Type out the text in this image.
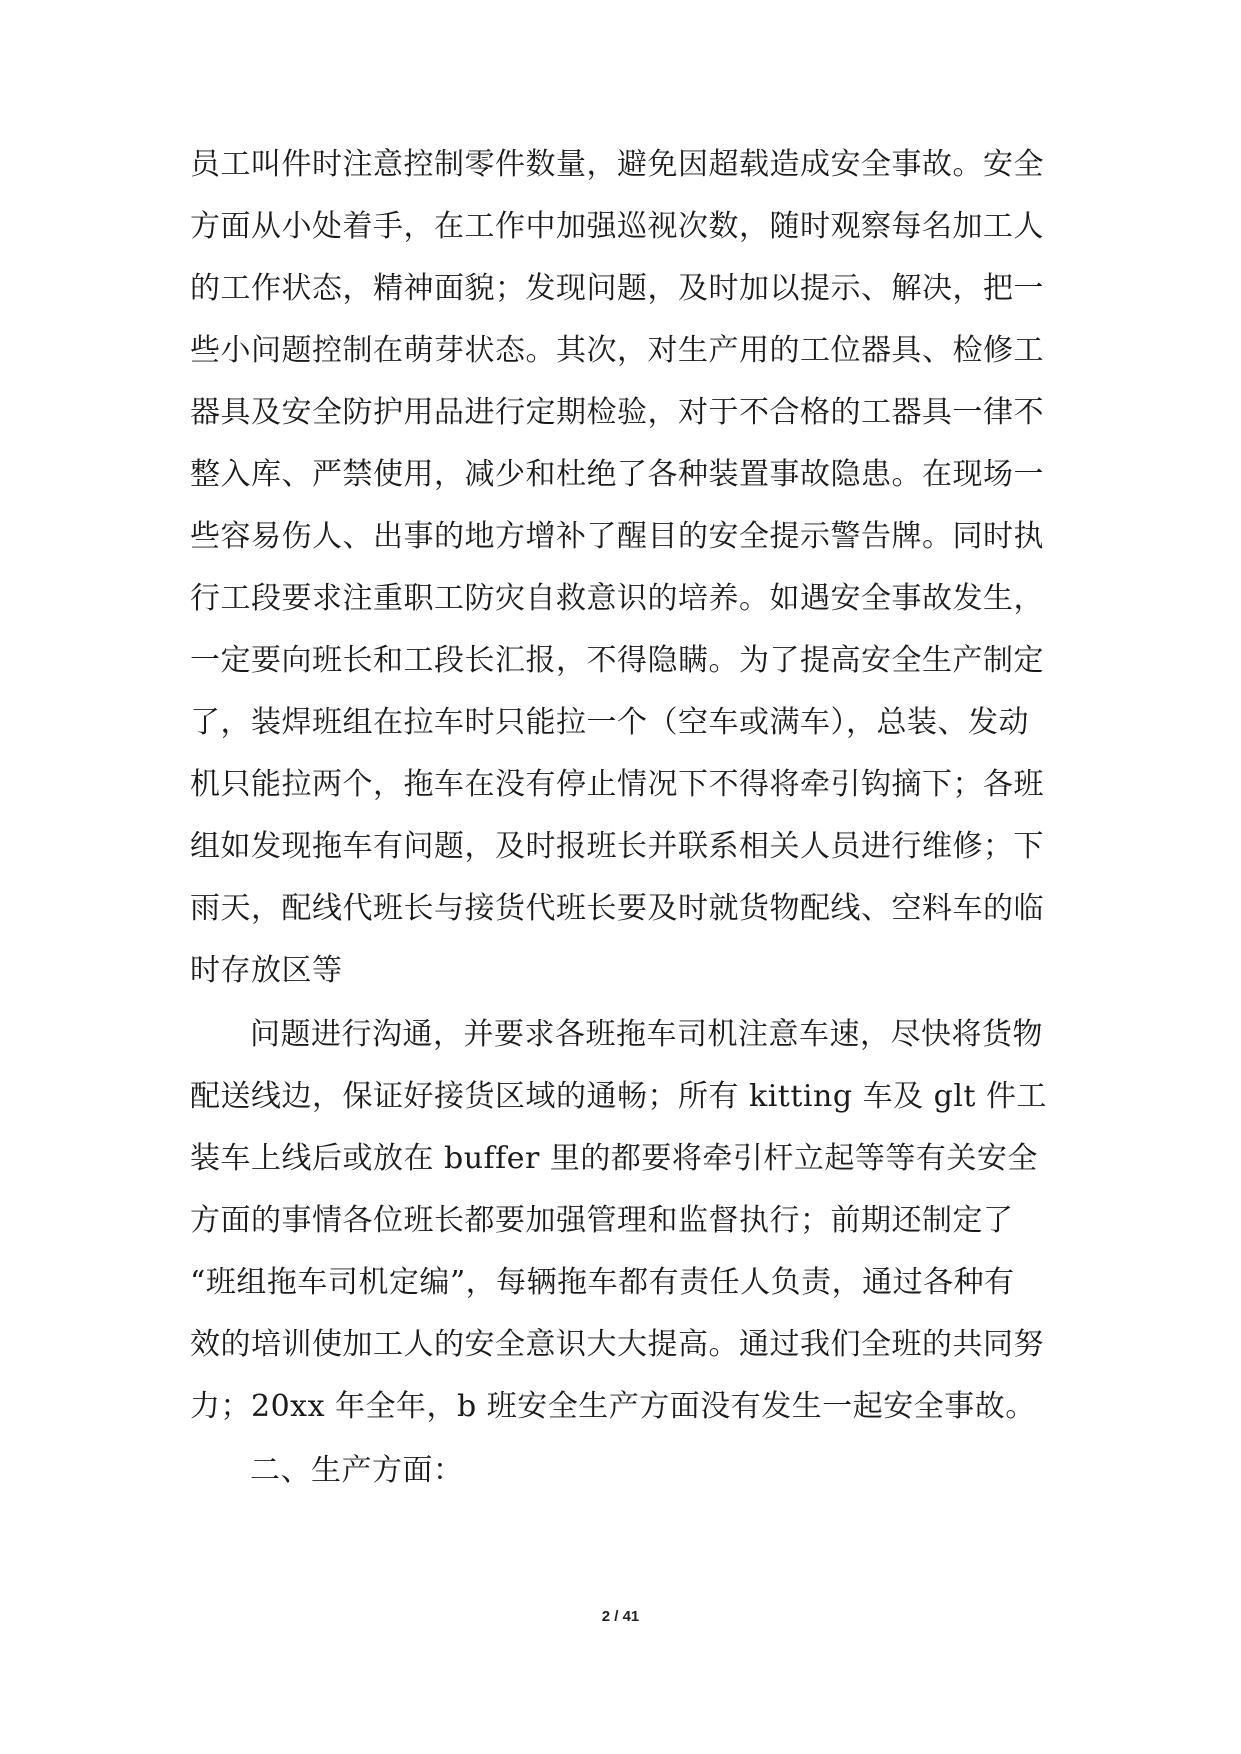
员工叫件时注意控制零件数量，避免因超载造成安全事故。安全
方面从小处着手，在工作中加强巡视次数，随时观察每名加工人
的工作状态，精神面貌；发现问题，及时加以提示、解决，把一
些小问题控制在萌芽状态。其次，对生产用的工位器具、检修工
器具及安全防护用品进行定期检验，对于不合格的工器具一律不
整入库、严禁使用，减少和杜绝了各种装置事故隐患。在现场一
些容易伤人、出事的地方增补了醒目的安全提示警告牌。同时执
行工段要求注重职工防灾自救意识的培养。如遇安全事故发生，
一定要向班长和工段长汇报，不得隐瞒。为了提高安全生产制定
了，装焊班组在拉车时只能拉一个（空车或满车），总装、发动
机只能拉两个，拖车在没有停止情况下不得将牵引钩摘下；各班
组如发现拖车有问题，及时报班长并联系相关人员进行维修；下
雨天，配线代班长与接货代班长要及时就货物配线、空料车的临
时存放区等
问题进行沟通，并要求各班拖车司机注意车速，尽快将货物
配送线边，保证好接货区域的通畅；所有 kitting 车及 glt 件工
装车上线后或放在 buffer 里的都要将牵引杆立起等等有关安全
方面的事情各位班长都要加强管理和监督执行；前期还制定了
“班组拖车司机定编”，每辆拖车都有责任人负责，通过各种有
效的培训使加工人的安全意识大大提高。通过我们全班的共同努
力；20xx 年全年，b 班安全生产方面没有发生一起安全事故。
二、生产方面：
2 / 41
